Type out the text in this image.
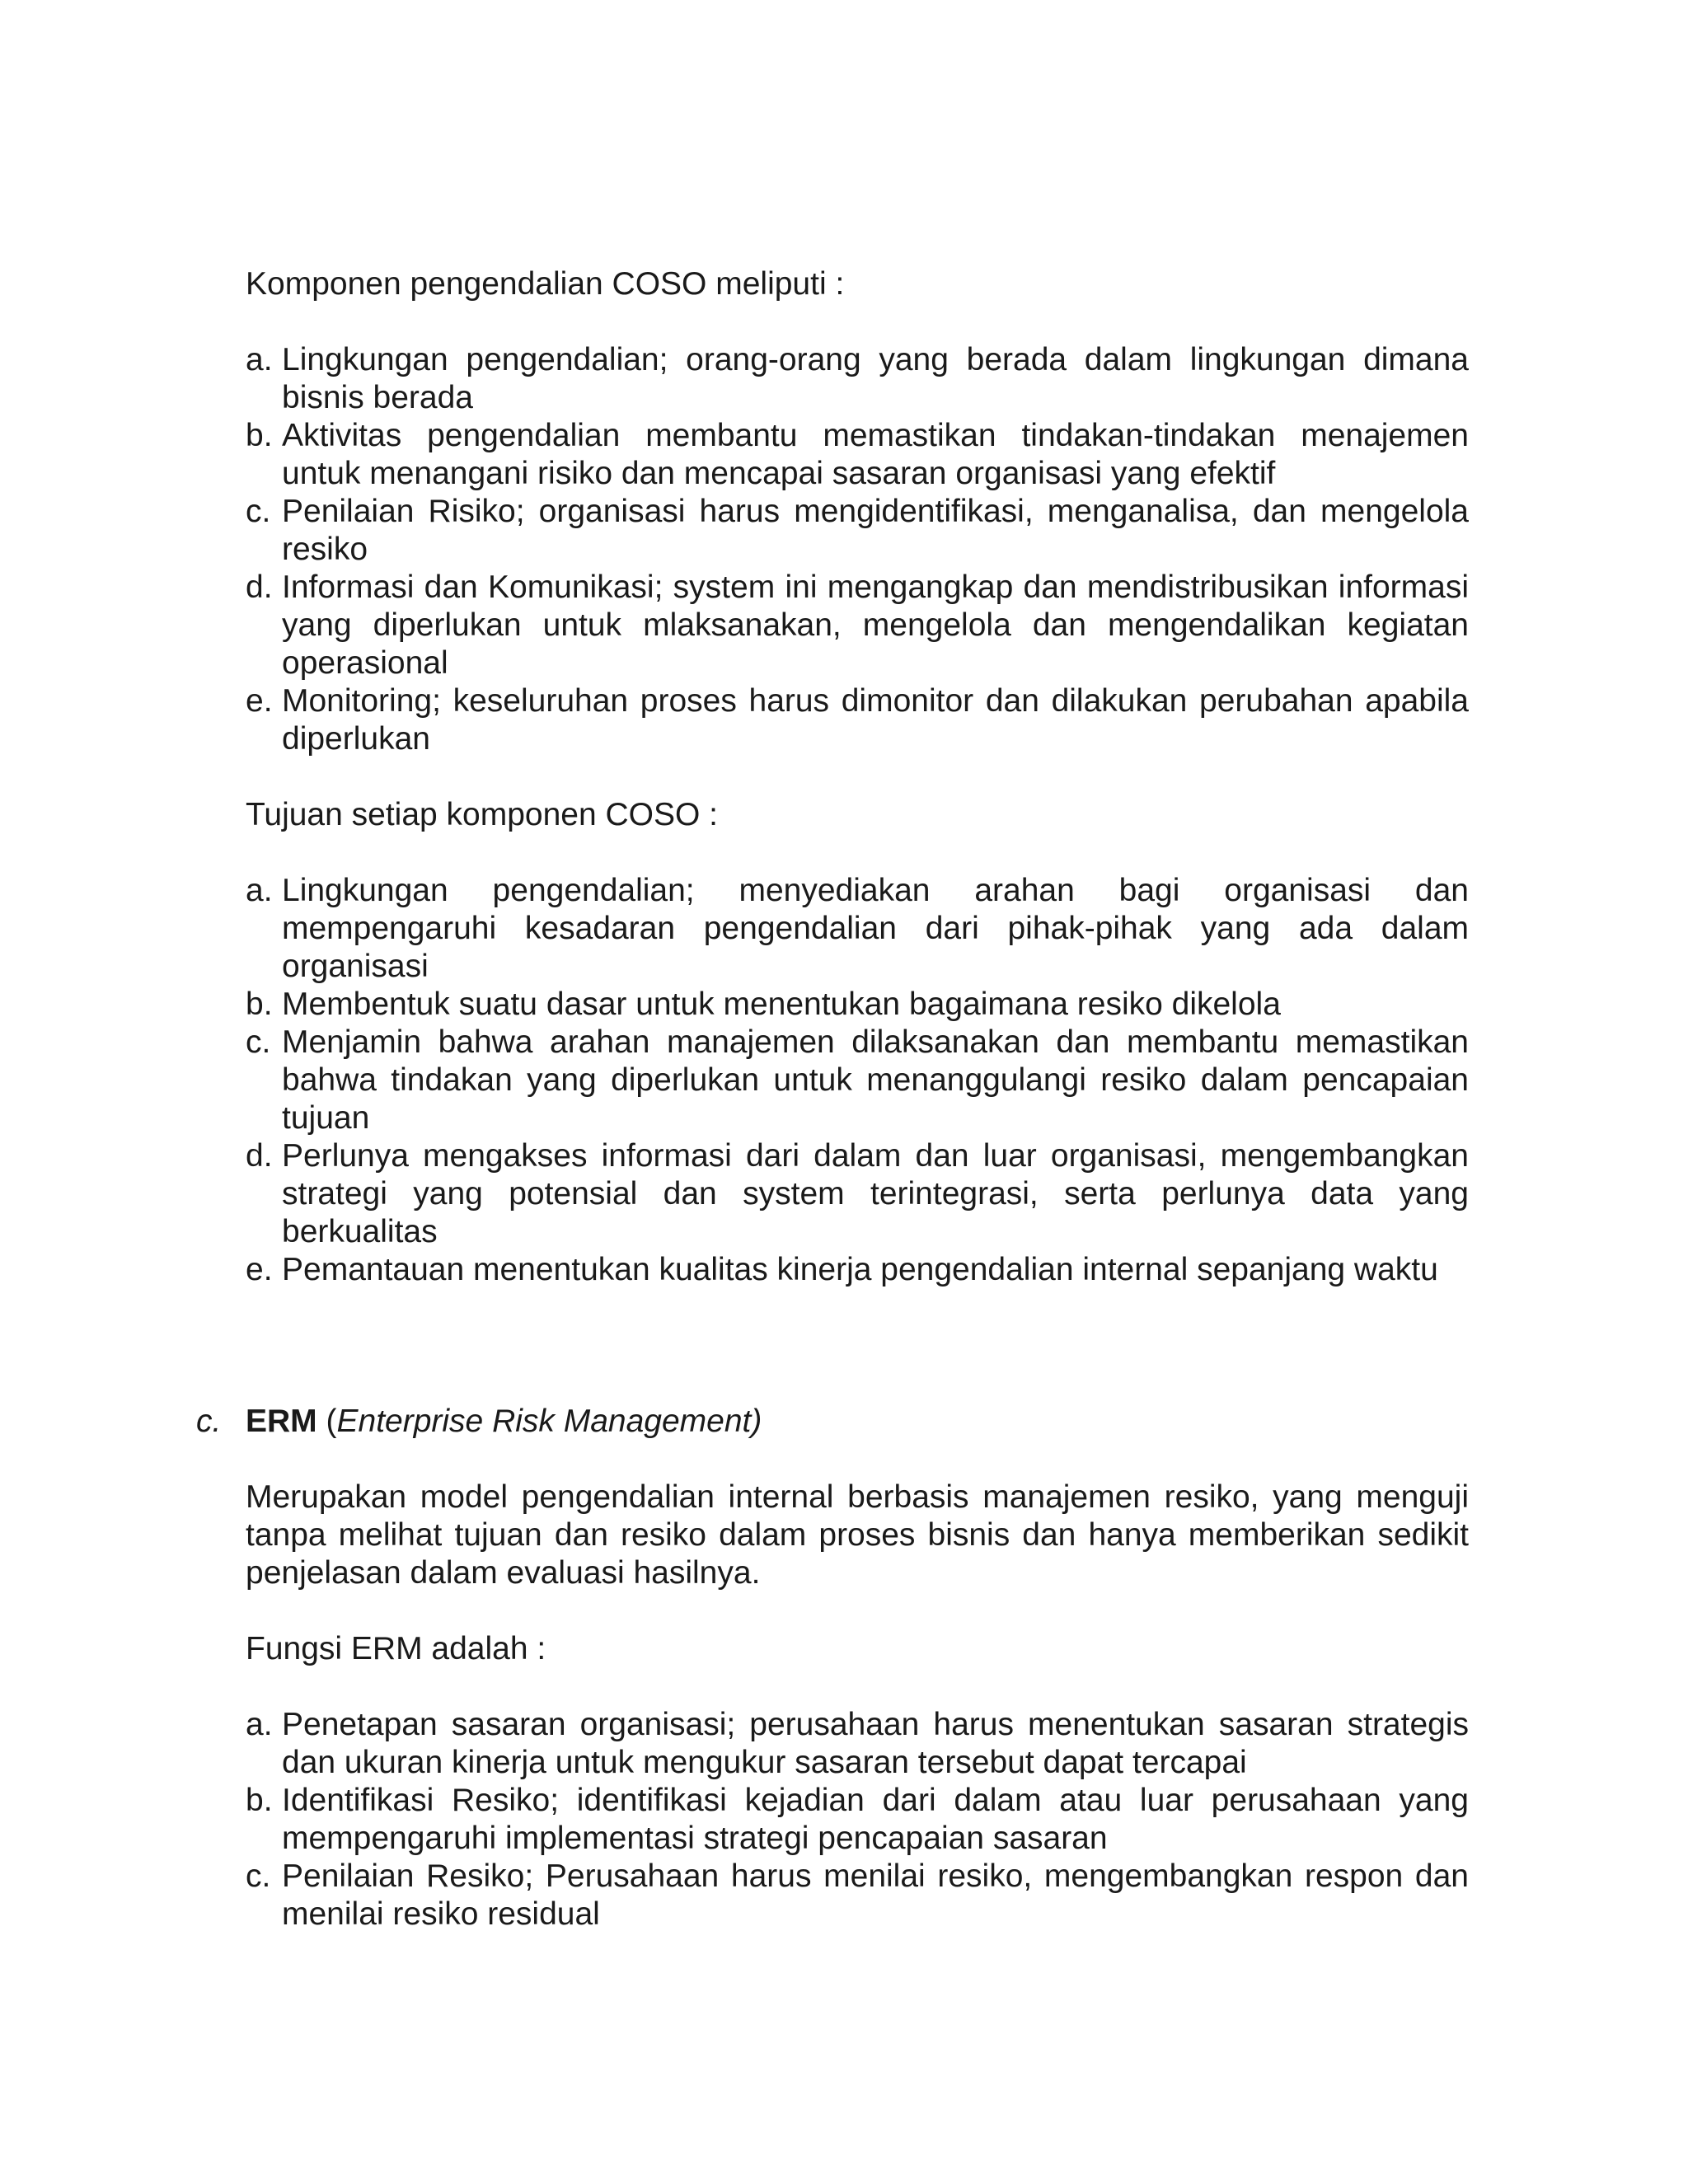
Komponen pengendalian COSO meliputi :

a. Lingkungan pengendalian; orang-orang yang berada dalam lingkungan dimana bisnis berada
b. Aktivitas pengendalian membantu memastikan tindakan-tindakan menajemen untuk menangani risiko dan mencapai sasaran organisasi yang efektif
c. Penilaian Risiko; organisasi harus mengidentifikasi, menganalisa, dan mengelola resiko
d. Informasi dan Komunikasi; system ini mengangkap dan mendistribusikan informasi yang diperlukan untuk mlaksanakan, mengelola dan mengendalikan kegiatan operasional
e. Monitoring; keseluruhan proses harus dimonitor dan dilakukan perubahan apabila diperlukan

Tujuan setiap komponen COSO :

a. Lingkungan pengendalian; menyediakan arahan bagi organisasi dan mempengaruhi kesadaran pengendalian dari pihak-pihak yang ada dalam organisasi
b. Membentuk suatu dasar untuk menentukan bagaimana resiko dikelola
c. Menjamin bahwa arahan manajemen dilaksanakan dan membantu memastikan bahwa tindakan yang diperlukan untuk menanggulangi resiko dalam pencapaian tujuan
d. Perlunya mengakses informasi dari dalam dan luar organisasi, mengembangkan strategi yang potensial dan system terintegrasi, serta perlunya data yang berkualitas
e. Pemantauan menentukan kualitas kinerja pengendalian internal sepanjang waktu

c. ERM (Enterprise Risk Management)

Merupakan model pengendalian internal berbasis manajemen resiko, yang menguji tanpa melihat tujuan dan resiko dalam proses bisnis dan hanya memberikan sedikit penjelasan dalam evaluasi hasilnya.

Fungsi ERM adalah :

a. Penetapan sasaran organisasi; perusahaan harus menentukan sasaran strategis dan ukuran kinerja untuk mengukur sasaran tersebut dapat tercapai
b. Identifikasi Resiko; identifikasi kejadian dari dalam atau luar perusahaan yang mempengaruhi implementasi strategi pencapaian sasaran
c. Penilaian Resiko; Perusahaan harus menilai resiko, mengembangkan respon dan menilai resiko residual
